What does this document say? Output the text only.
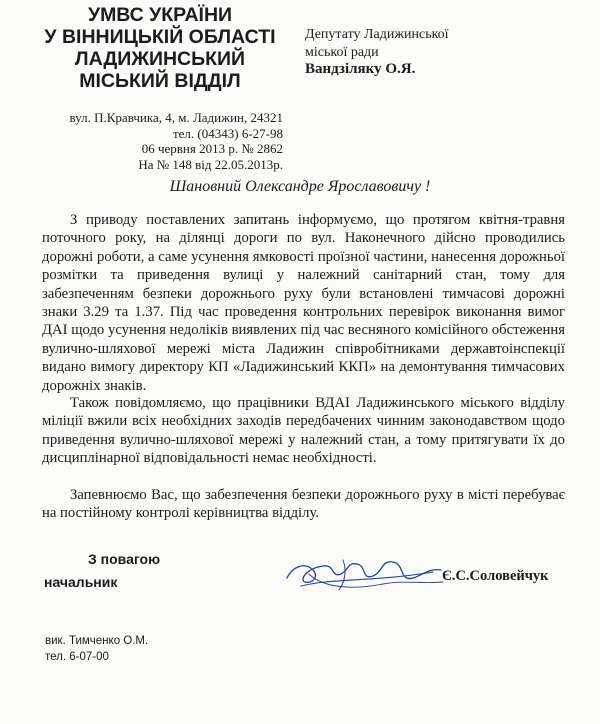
УМВС УКРАЇНИ
У ВІННИЦЬКІЙ ОБЛАСТІ
ЛАДИЖИНСЬКИЙ
МІСЬКИЙ ВІДДІЛ
вул. П.Кравчика, 4, м. Ладижин, 24321
тел. (04343) 6-27-98
06 червня 2013 р. № 2862
На № 148 від 22.05.2013р.
Депутату Ладижинської
міської ради
Вандзіляку О.Я.
Шановний Олександре Ярославовичу !

З приводу поставлених запитань інформуємо, що протягом квітня-травня поточного року, на ділянці дороги по вул. Наконечного дійсно проводились дорожні роботи, а саме усунення ямковості проїзної частини, нанесення дорожньої розмітки та приведення вулиці у належний санітарний стан, тому для забезпеченням безпеки дорожнього руху були встановлені тимчасові дорожні знаки 3.29 та 1.37. Під час проведення контрольних перевірок виконання вимог ДАІ щодо усунення недоліків виявлених під час весняного комісійного обстеження вулично-шляхової мережі міста Ладижин співробітниками державтоінспекції видано вимогу директору КП «Ладижинський ККП» на демонтування тимчасових дорожніх знаків.

Також повідомляємо, що працівники ВДАІ Ладижинського міського відділу міліції вжили всіх необхідних заходів передбачених чинним законодавством щодо приведення вулично-шляхової мережі у належний стан, а тому притягувати їх до дисциплінарної відповідальності немає необхідності.

Запевнюємо Вас, що забезпечення безпеки дорожнього руху в місті перебуває на постійному контролі керівництва відділу.

З повагою
начальник	Є.С.Соловейчук
вик. Тимченко О.М.
тел. 6-07-00
